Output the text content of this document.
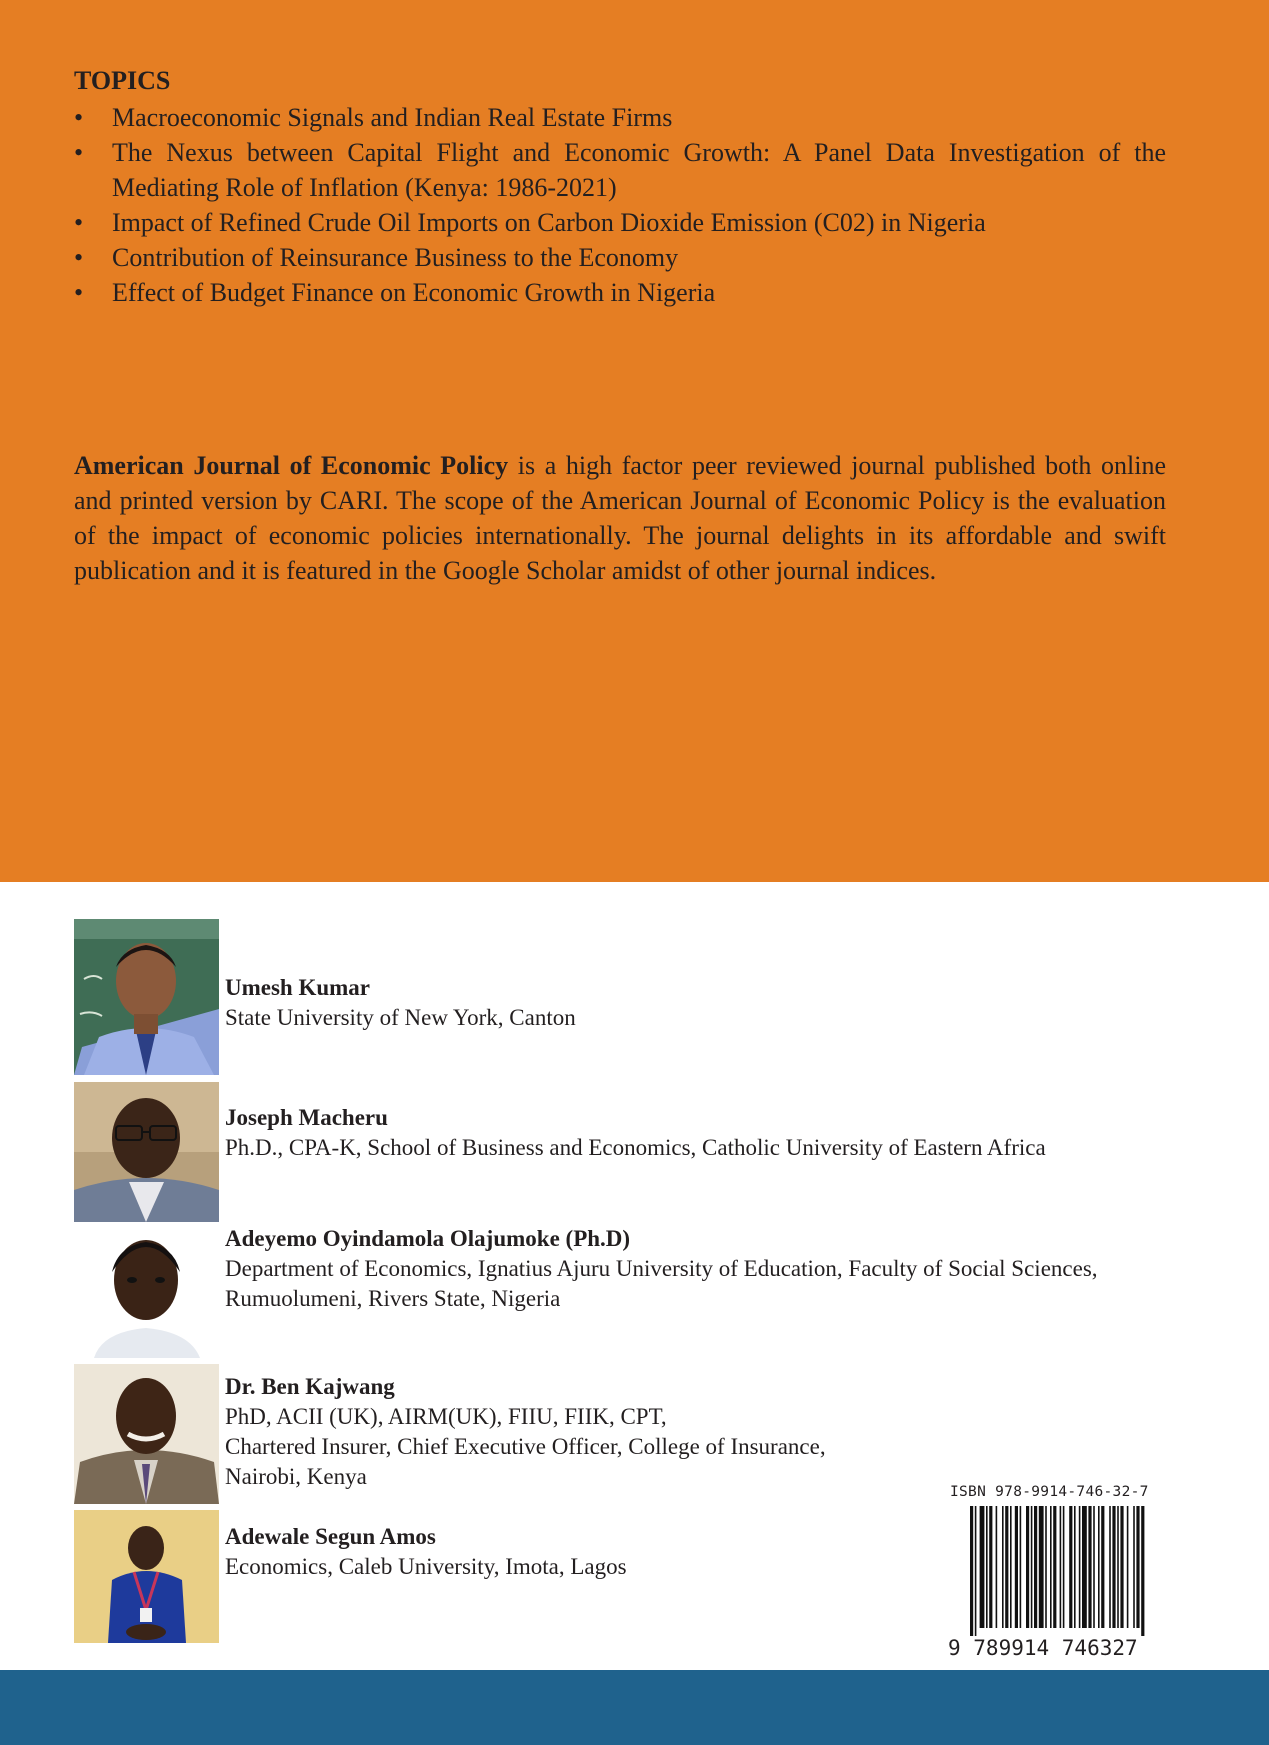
TOPICS
• Macroeconomic Signals and Indian Real Estate Firms
• The Nexus between Capital Flight and Economic Growth: A Panel Data Investigation of the Mediating Role of Inflation (Kenya: 1986-2021)
• Impact of Refined Crude Oil Imports on Carbon Dioxide Emission (C02) in Nigeria
• Contribution of Reinsurance Business to the Economy
• Effect of Budget Finance on Economic Growth in Nigeria

American Journal of Economic Policy is a high factor peer reviewed journal published both online and printed version by CARI. The scope of the American Journal of Economic Policy is the evaluation of the impact of economic policies internationally. The journal delights in its affordable and swift publication and it is featured in the Google Scholar amidst of other journal indices.

Umesh Kumar
State University of New York, Canton
Joseph Macheru
Ph.D., CPA-K, School of Business and Economics, Catholic University of Eastern Africa
Adeyemo Oyindamola Olajumoke (Ph.D)
Department of Economics, Ignatius Ajuru University of Education, Faculty of Social Sciences,
Rumuolumeni, Rivers State, Nigeria
Dr. Ben Kajwang
PhD, ACII (UK), AIRM(UK), FIIU, FIIK, CPT,
Chartered Insurer, Chief Executive Officer, College of Insurance,
Nairobi, Kenya
Adewale Segun Amos
Economics, Caleb University, Imota, Lagos
ISBN 978-9914-746-32-7
9 789914 746327
